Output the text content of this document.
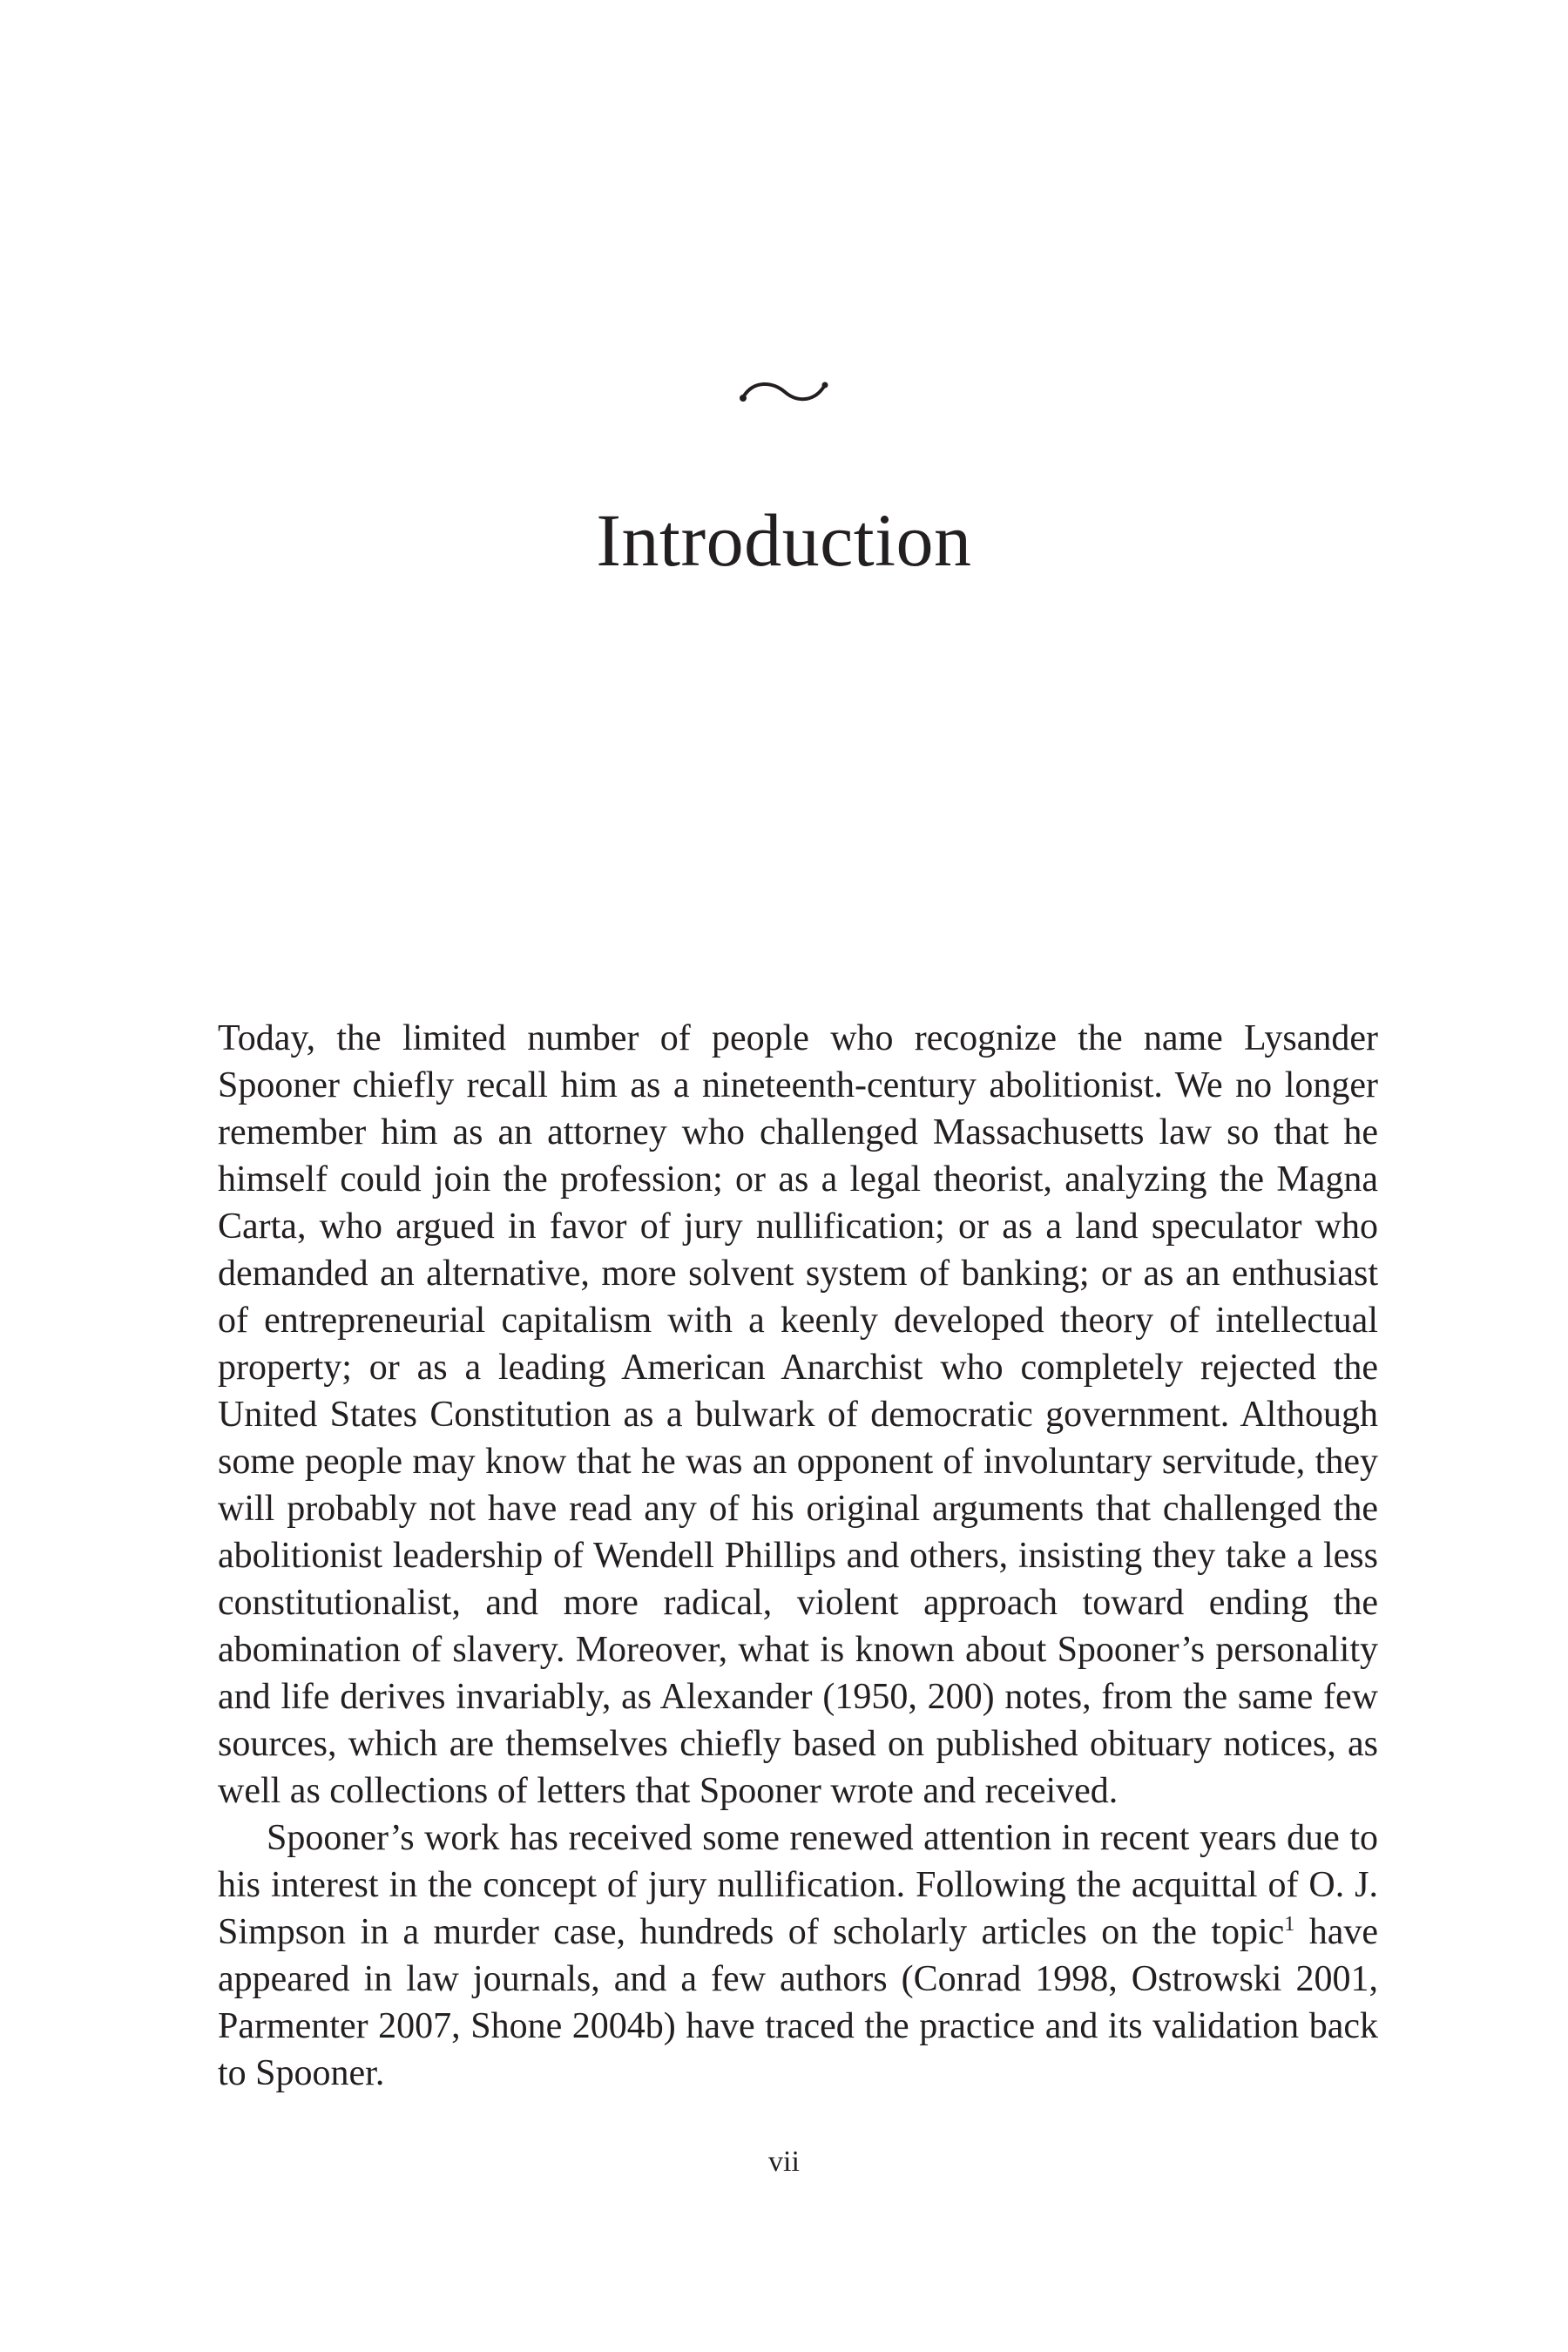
Introduction

Today, the limited number of people who recognize the name Lysander Spooner chiefly recall him as a nineteenth-century abolitionist. We no longer remember him as an attorney who challenged Massachusetts law so that he himself could join the profession; or as a legal theorist, analyzing the Magna Carta, who argued in favor of jury nullification; or as a land speculator who demanded an alternative, more solvent system of banking; or as an enthusiast of entrepreneurial capitalism with a keenly developed theory of intellectual property; or as a leading American Anarchist who completely rejected the United States Constitution as a bulwark of democratic government. Although some people may know that he was an opponent of involuntary servitude, they will probably not have read any of his original arguments that challenged the abolitionist leadership of Wendell Phillips and others, insisting they take a less constitutionalist, and more radical, violent approach toward ending the abomination of slavery. Moreover, what is known about Spooner’s personality and life derives invariably, as Alexander (1950, 200) notes, from the same few sources, which are themselves chiefly based on published obituary notices, as well as collections of letters that Spooner wrote and received.

Spooner’s work has received some renewed attention in recent years due to his interest in the concept of jury nullification. Following the acquittal of O. J. Simpson in a murder case, hundreds of scholarly articles on the topic$^1$ have appeared in law journals, and a few authors (Conrad 1998, Ostrowski 2001, Parmenter 2007, Shone 2004b) have traced the practice and its validation back to Spooner.

vii
